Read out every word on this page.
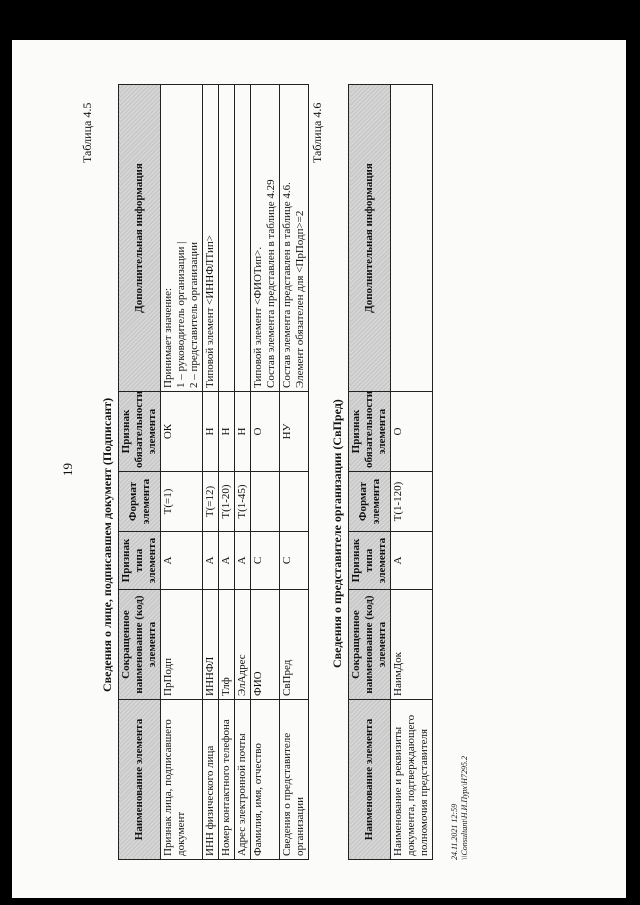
19
Таблица 4.5
Сведения о лице, подписавшем документ (Подписант)
Наименование элемента	Сокращенное наименование (код) элемента	Признак типа элемента	Формат элемента	Признак обязательности элемента	Дополнительная информация
Признак лица, подписавшего документ	ПрПодп	А	Т(=1)	ОК	Принимает значение:
1 – руководитель организации |
2 – представитель организации
ИНН физического лица	ИННФЛ	А	Т(=12)	Н	Типовой элемент <ИННФЛТип>
Номер контактного телефона	Тлф	А	Т(1-20)	Н	
Адрес электронной почты	ЭлАдрес	А	Т(1-45)	Н	
Фамилия, имя, отчество	ФИО	С		О	Типовой элемент <ФИОТип>.
Состав элемента представлен в таблице 4.29
Сведения о представителе организации	СвПред	С		НУ	Состав элемента представлен в таблице 4.6.
Элемент обязателен для <ПрПодп>=2
Таблица 4.6
Сведения о представителе организации (СвПред)
Наименование элемента	Сокращенное наименование (код) элемента	Признак типа элемента	Формат элемента	Признак обязательности элемента	Дополнительная информация
Наименование и реквизиты документа, подтверждающего полномочия представителя	НаимДок	А	Т(1-120)	О	
24.11.2021 12:59 \\Consultant\Н.И.Пурх\H7295.2
